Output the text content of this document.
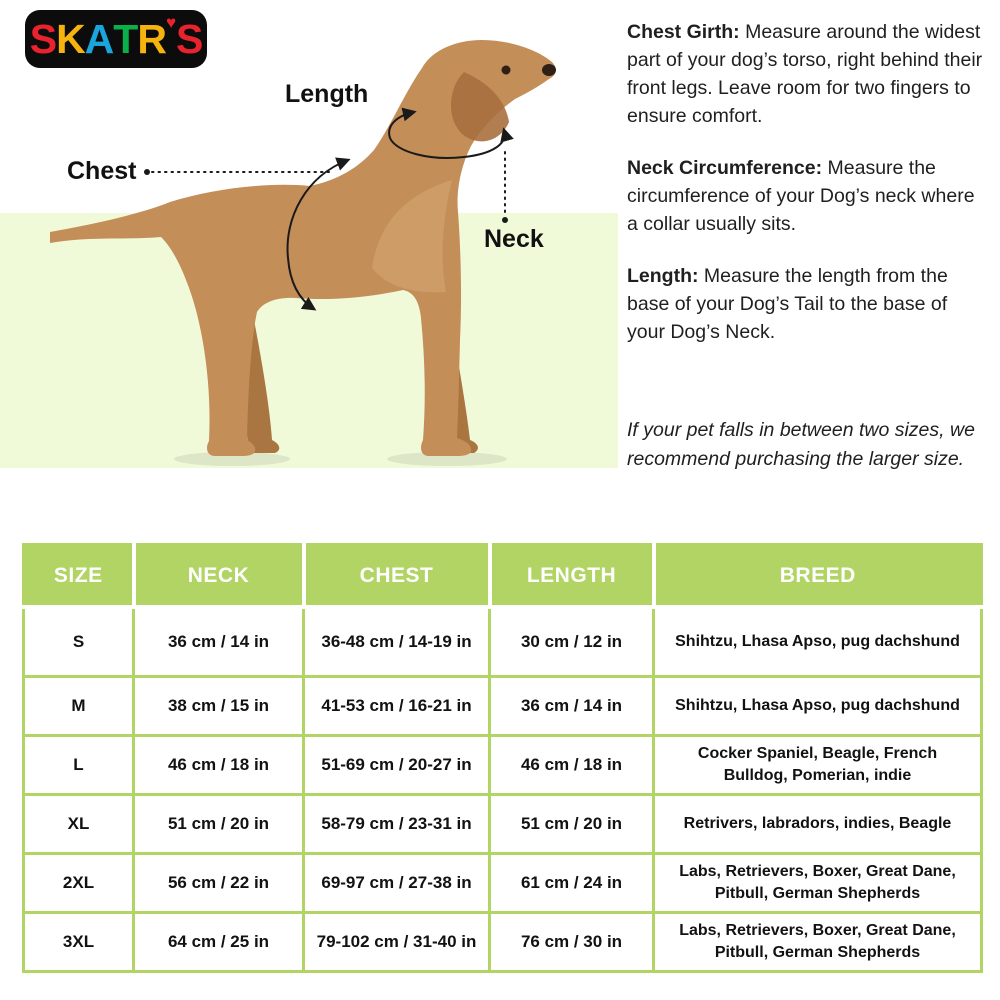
S K A T R ♥ S
Length
Chest
Neck

Chest Girth: Measure around the widest part of your dog’s torso, right behind their front legs. Leave room for two fingers to ensure comfort.

Neck Circumference: Measure the circumference of your Dog’s neck where a collar usually sits.

Length: Measure the length from the base of your Dog’s Tail to the base of your Dog’s Neck.

If your pet falls in between two sizes, we recommend purchasing the larger size.
SIZE	NECK	CHEST	LENGTH	BREED
S	36 cm / 14 in	36-48 cm / 14-19 in	30 cm / 12 in	Shihtzu, Lhasa Apso, pug dachshund
M	38 cm / 15 in	41-53 cm / 16-21 in	36 cm / 14 in	Shihtzu, Lhasa Apso, pug dachshund
L	46 cm / 18 in	51-69 cm / 20-27 in	46 cm / 18 in	Cocker Spaniel, Beagle, French Bulldog, Pomerian, indie
XL	51 cm / 20 in	58-79 cm / 23-31 in	51 cm / 20 in	Retrivers, labradors, indies, Beagle
2XL	56 cm / 22 in	69-97 cm / 27-38 in	61 cm / 24 in	Labs, Retrievers, Boxer, Great Dane, Pitbull, German Shepherds
3XL	64 cm / 25 in	79-102 cm / 31-40 in	76 cm / 30 in	Labs, Retrievers, Boxer, Great Dane, Pitbull, German Shepherds
